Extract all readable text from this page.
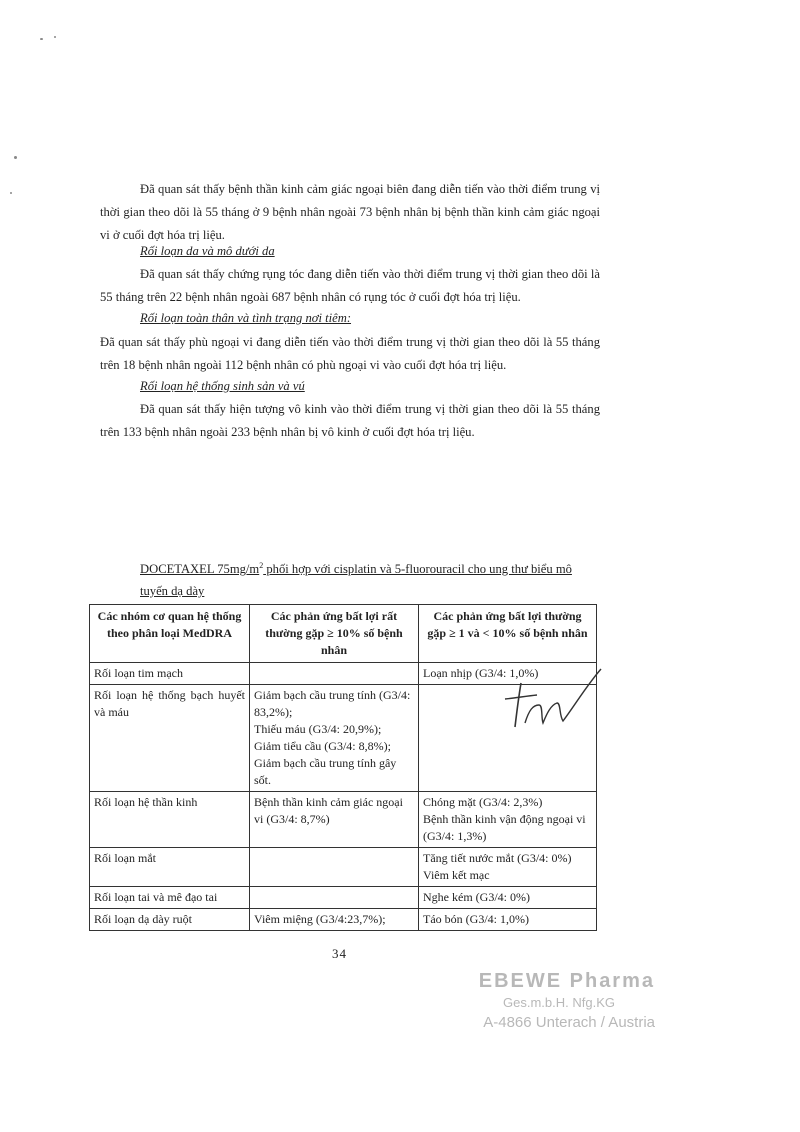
Đã quan sát thấy bệnh thần kinh cảm giác ngoại biên đang diễn tiến vào thời điểm trung vị thời gian theo dõi là 55 tháng ở 9 bệnh nhân ngoài 73 bệnh nhân bị bệnh thần kinh cảm giác ngoại vi ở cuối đợt hóa trị liệu.

Rối loạn da và mô dưới da

Đã quan sát thấy chứng rụng tóc đang diễn tiến vào thời điểm trung vị thời gian theo dõi là 55 tháng trên 22 bệnh nhân ngoài 687 bệnh nhân có rụng tóc ở cuối đợt hóa trị liệu.

Rối loạn toàn thân và tình trạng nơi tiêm:

Đã quan sát thấy phù ngoại vi đang diễn tiến vào thời điểm trung vị thời gian theo dõi là 55 tháng trên 18 bệnh nhân ngoài 112 bệnh nhân có phù ngoại vi vào cuối đợt hóa trị liệu.

Rối loạn hệ thống sinh sản và vú

Đã quan sát thấy hiện tượng vô kinh vào thời điểm trung vị thời gian theo dõi là 55 tháng trên 133 bệnh nhân ngoài 233 bệnh nhân bị vô kinh ở cuối đợt hóa trị liệu.

DOCETAXEL $75mg/m^2$ phối hợp với cisplatin và 5-fluorouracil cho ung thư biểu mô tuyến dạ dày

Các nhóm cơ quan hệ thống theo phân loại MedDRA	Các phản ứng bất lợi rất thường gặp ≥ 10% số bệnh nhân	Các phản ứng bất lợi thường gặp ≥ 1 và < 10% số bệnh nhân
Rối loạn tim mạch		Loạn nhịp (G3/4: 1,0%)

Rối loạn hệ thống bạch huyết và máu	Giảm bạch cầu trung tính (G3/4: 83,2%);
Thiếu máu (G3/4: 20,9%);
Giảm tiểu cầu (G3/4: 8,8%);
Giảm bạch cầu trung tính gây sốt.	

Rối loạn hệ thần kinh	Bệnh thần kinh cảm giác ngoại vi (G3/4: 8,7%)	Chóng mặt (G3/4: 2,3%)
Bệnh thần kinh vận động ngoại vi (G3/4: 1,3%)

Rối loạn mắt		Tăng tiết nước mắt (G3/4: 0%)
Viêm kết mạc

Rối loạn tai và mê đạo tai		Nghe kém (G3/4: 0%)

Rối loạn dạ dày ruột	Viêm miệng (G3/4:23,7%);	Táo bón (G3/4: 1,0%)
34
EBEWE Pharma
Ges.m.b.H. Nfg.KG
A-4866 Unterach / Austria
